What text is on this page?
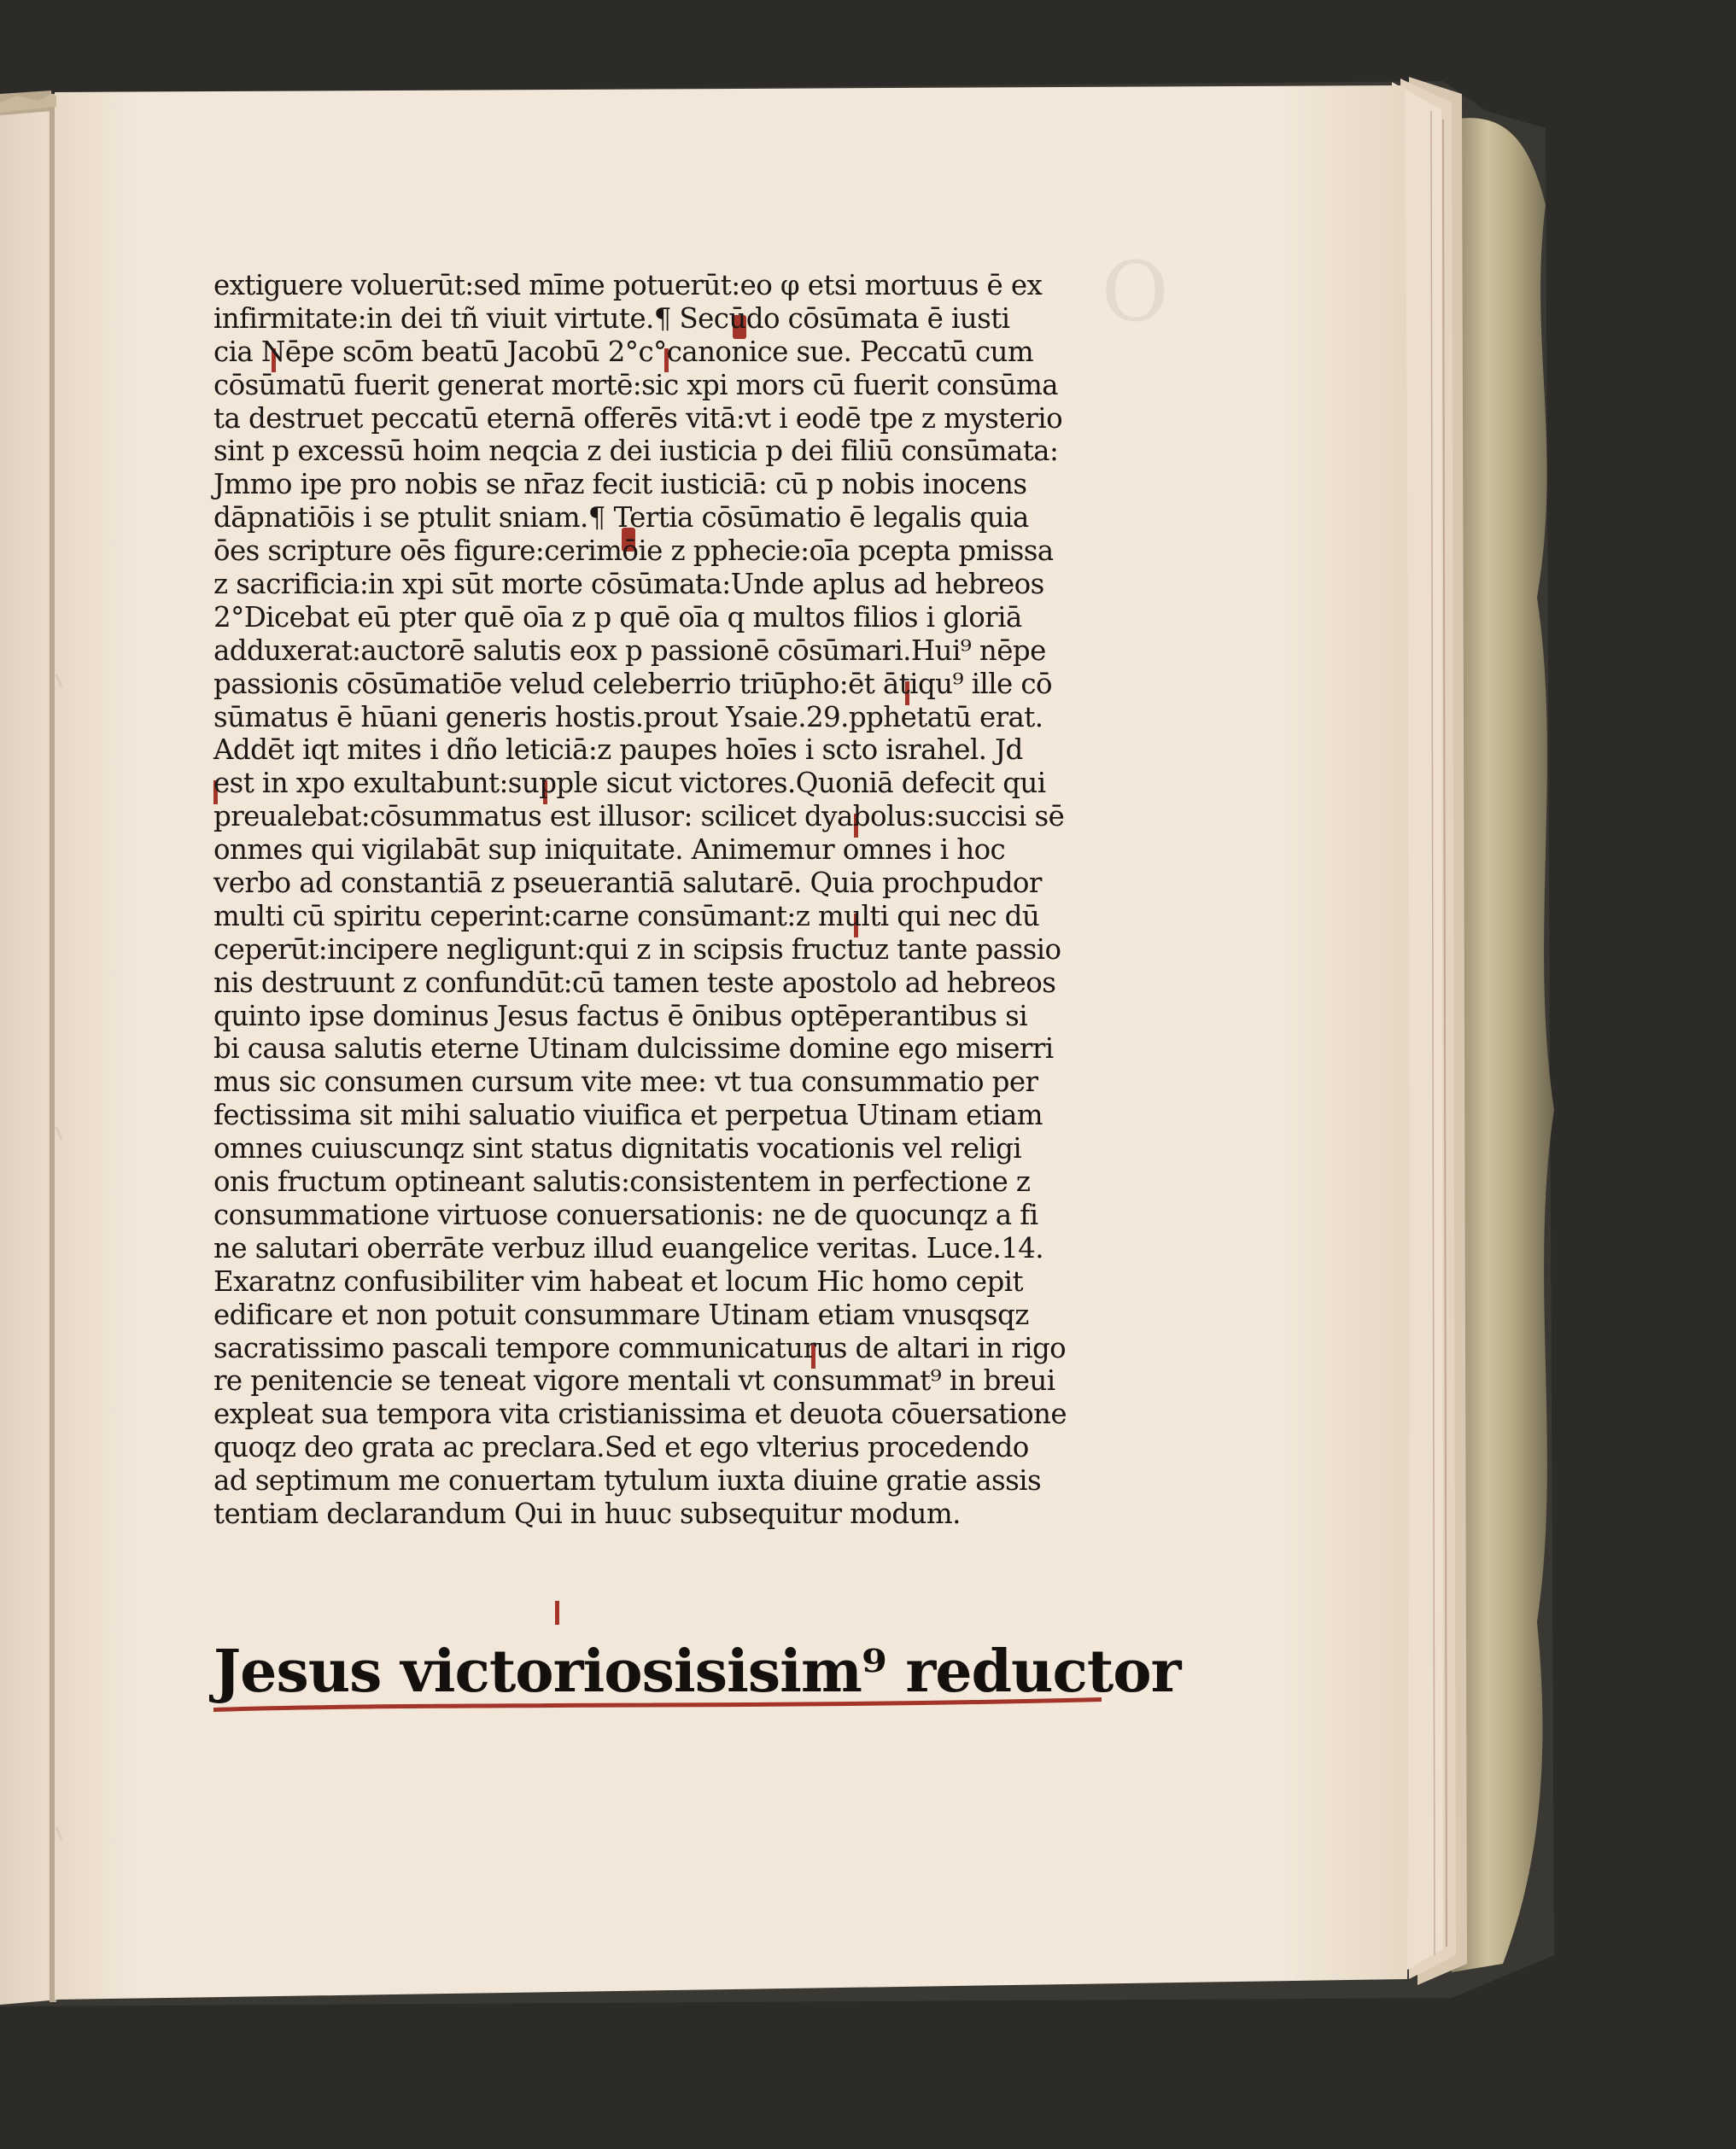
O
extiguere voluerūt:sed mīme potuerūt:eo φ etsi mortuus ē ex
infirmitate:in dei tñ viuit virtute.¶ Secūdo cōsūmata ē iusti
cia Nēpe scōm beatū Jacobū 2°c°canonice sue. Peccatū cum
cōsūmatū fuerit generat mortē:sic xpi mors cū fuerit consūma
ta destruet peccatū eternā offerēs vitā:vt i eodē tpe z mysterio
sint p excessū hoim neqcia z dei iusticia p dei filiū consūmata:
Jmmo ipe pro nobis se nr̄az fecit iusticiā: cū p nobis inocens
dāpnatiōis i se ptulit sniam.¶ Tertia cōsūmatio ē legalis quia
ōes scripture oēs figure:cerimōie z pphecie:oīa pcepta pmissa
z sacrificia:in xpi sūt morte cōsūmata:Unde aplus ad hebreos
2°Dicebat eū pter quē oīa z p quē oīa q multos filios i gloriā
adduxerat:auctorē salutis eox p passionē cōsūmari.Hui⁹ nēpe
passionis cōsūmatiōe velud celeberrio triūpho:ēt ātiqu⁹ ille cō
sūmatus ē hūani generis hostis.prout Ysaie.29.pphetatū erat.
Addēt iqt mites i dño leticiā:z paupes hoīes i scto israhel. Jd
est in xpo exultabunt:supple sicut victores.Quoniā defecit qui
preualebat:cōsummatus est illusor: scilicet dyabolus:succisi sē
onmes qui vigilabāt sup iniquitate. Animemur omnes i hoc
verbo ad constantiā z pseuerantiā salutarē. Quia prochpudor
multi cū spiritu ceperint:carne consūmant:z multi qui nec dū
ceperūt:incipere negligunt:qui z in scipsis fructuz tante passio
nis destruunt z confundūt:cū tamen teste apostolo ad hebreos
quinto ipse dominus Jesus factus ē ōnibus optēperantibus si
bi causa salutis eterne Utinam dulcissime domine ego miserri
mus sic consumen cursum vite mee: vt tua consummatio per
fectissima sit mihi saluatio viuifica et perpetua Utinam etiam
omnes cuiuscunqz sint status dignitatis vocationis vel religi
onis fructum optineant salutis:consistentem in perfectione z
consummatione virtuose conuersationis: ne de quocunqz a fi
ne salutari oberrāte verbuz illud euangelice veritas. Luce.14.
Exaratnz confusibiliter vim habeat et locum Hic homo cepit
edificare et non potuit consummare Utinam etiam vnusqsqz
sacratissimo pascali tempore communicaturus de altari in rigo
re penitencie se teneat vigore mentali vt consummat⁹ in breui
expleat sua tempora vita cristianissima et deuota cōuersatione
quoqz deo grata ac preclara.Sed et ego vlterius procedendo
ad septimum me conuertam tytulum iuxta diuine gratie assis
tentiam declarandum Qui in huuc subsequitur modum.
Jesus victoriosisisim⁹ reductor
